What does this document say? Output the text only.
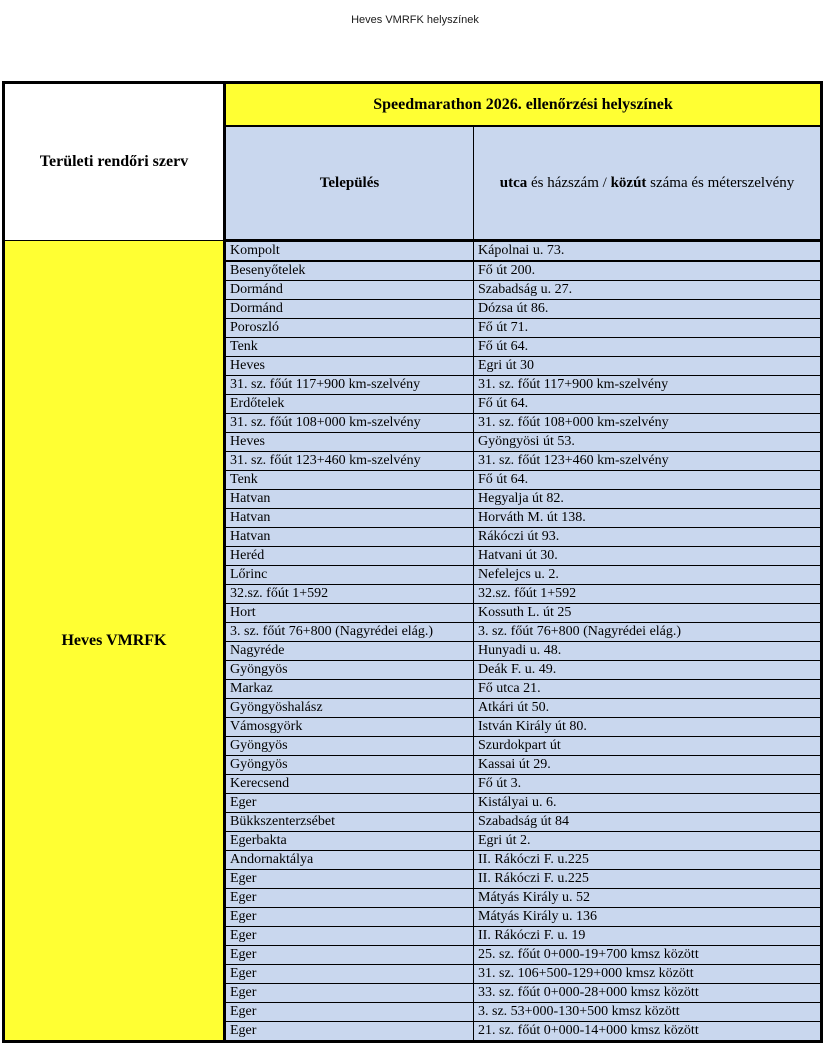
Heves VMRFK helyszínek
Területi rendőri szerv	Speedmarathon 2026. ellenőrzési helyszínek	
	Település	utca és házszám / közút száma és méterszelvény
Heves VMRFK	Kompolt	Kápolnai u. 73.
	Besenyőtelek	Fő út 200.
	Dormánd	Szabadság u. 27.
	Dormánd	Dózsa út 86.
	Poroszló	Fő út 71.
	Tenk	Fő út 64.
	Heves	Egri út 30
	31. sz. főút 117+900 km-szelvény	31. sz. főút 117+900 km-szelvény
	Erdőtelek	Fő út 64.
	31. sz. főút 108+000 km-szelvény	31. sz. főút 108+000 km-szelvény
	Heves	Gyöngyösi út 53.
	31. sz. főút 123+460 km-szelvény	31. sz. főút 123+460 km-szelvény
	Tenk	Fő út 64.
	Hatvan	Hegyalja út 82.
	Hatvan	Horváth M. út 138.
	Hatvan	Rákóczi út 93.
	Heréd	Hatvani út 30.
	Lőrinc	Nefelejcs u. 2.
	32.sz. főút 1+592	32.sz. főút 1+592
	Hort	Kossuth L. út 25
	3. sz. főút 76+800 (Nagyrédei elág.)	3. sz. főút 76+800 (Nagyrédei elág.)
	Nagyréde	Hunyadi u. 48.
	Gyöngyös	Deák F. u. 49.
	Markaz	Fő utca 21.
	Gyöngyöshalász	Atkári út 50.
	Vámosgyörk	István Király út 80.
	Gyöngyös	Szurdokpart út
	Gyöngyös	Kassai út 29.
	Kerecsend	Fő út 3.
	Eger	Kistályai u. 6.
	Bükkszenterzsébet	Szabadság út 84
	Egerbakta	Egri út 2.
	Andornaktálya	II. Rákóczi F. u.225
	Eger	II. Rákóczi F. u.225
	Eger	Mátyás Király u. 52
	Eger	Mátyás Király u. 136
	Eger	II. Rákóczi F. u. 19
	Eger	25. sz. főút 0+000-19+700 kmsz között
	Eger	31. sz. 106+500-129+000 kmsz között
	Eger	33. sz. főút 0+000-28+000 kmsz között
	Eger	3. sz. 53+000-130+500 kmsz között
	Eger	21. sz. főút 0+000-14+000 kmsz között
